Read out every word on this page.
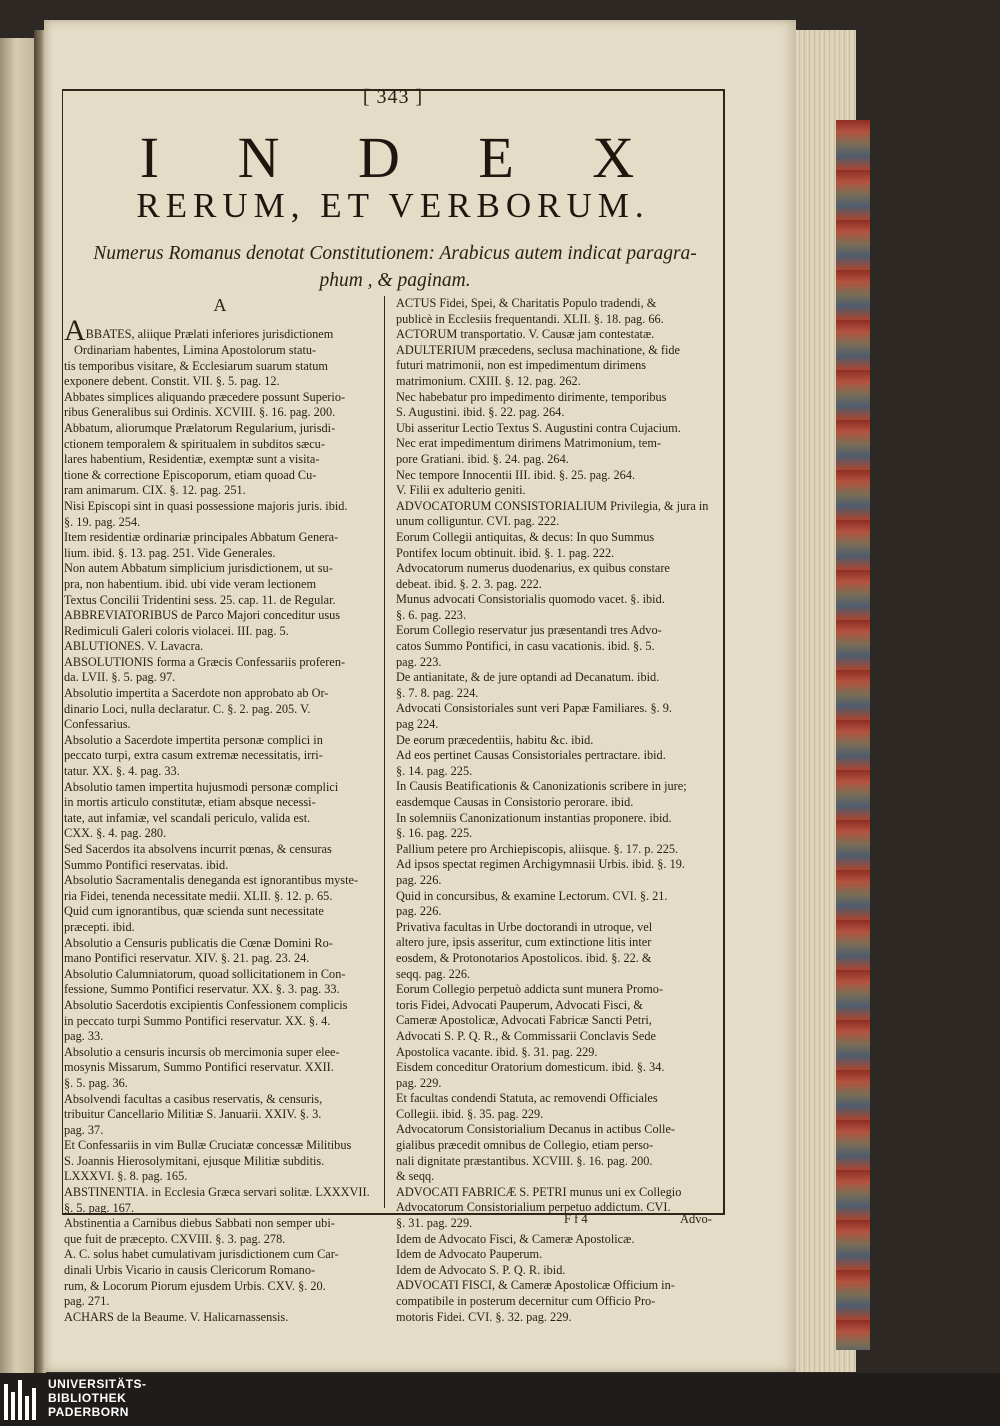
[ 343 ]
I N D E X
RERUM, ET VERBORUM.
Numerus Romanus denotat Constitutionem: Arabicus autem indicat paragra-
phum , & paginam.
A
ABBATES, aliique Prælati inferiores jurisdictionem
Ordinariam habentes, Limina Apostolorum statu-
tis temporibus visitare, & Ecclesiarum suarum statum
exponere debent. Constit. VII. §. 5. pag. 12.
Abbates simplices aliquando præcedere possunt Superio-
ribus Generalibus sui Ordinis. XCVIII. §. 16. pag. 200.
Abbatum, aliorumque Prælatorum Regularium, jurisdi-
ctionem temporalem & spiritualem in subditos sæcu-
lares habentium, Residentiæ, exemptæ sunt a visita-
tione & correctione Episcoporum, etiam quoad Cu-
ram animarum. CIX. §. 12. pag. 251.
Nisi Episcopi sint in quasi possessione majoris juris. ibid.
§. 19. pag. 254.
Item residentiæ ordinariæ principales Abbatum Genera-
lium. ibid. §. 13. pag. 251. Vide Generales.
Non autem Abbatum simplicium jurisdictionem, ut su-
pra, non habentium. ibid. ubi vide veram lectionem
Textus Concilii Tridentini sess. 25. cap. 11. de Regular.
ABBREVIATORIBUS de Parco Majori conceditur usus
Redimiculi Galeri coloris violacei. III. pag. 5.
ABLUTIONES. V. Lavacra.
ABSOLUTIONIS forma a Græcis Confessariis proferen-
da. LVII. §. 5. pag. 97.
Absolutio impertita a Sacerdote non approbato ab Or-
dinario Loci, nulla declaratur. C. §. 2. pag. 205. V.
Confessarius.
Absolutio a Sacerdote impertita personæ complici in
peccato turpi, extra casum extremæ necessitatis, irri-
tatur. XX. §. 4. pag. 33.
Absolutio tamen impertita hujusmodi personæ complici
in mortis articulo constitutæ, etiam absque necessi-
tate, aut infamiæ, vel scandali periculo, valida est.
CXX. §. 4. pag. 280.
Sed Sacerdos ita absolvens incurrit pœnas, & censuras
Summo Pontifici reservatas. ibid.
Absolutio Sacramentalis deneganda est ignorantibus myste-
ria Fidei, tenenda necessitate medii. XLII. §. 12. p. 65.
Quid cum ignorantibus, quæ scienda sunt necessitate
præcepti. ibid.
Absolutio a Censuris publicatis die Cœnæ Domini Ro-
mano Pontifici reservatur. XIV. §. 21. pag. 23. 24.
Absolutio Calumniatorum, quoad sollicitationem in Con-
fessione, Summo Pontifici reservatur. XX. §. 3. pag. 33.
Absolutio Sacerdotis excipientis Confessionem complicis
in peccato turpi Summo Pontifici reservatur. XX. §. 4.
pag. 33.
Absolutio a censuris incursis ob mercimonia super elee-
mosynis Missarum, Summo Pontifici reservatur. XXII.
§. 5. pag. 36.
Absolvendi facultas a casibus reservatis, & censuris,
tribuitur Cancellario Militiæ S. Januarii. XXIV. §. 3.
pag. 37.
Et Confessariis in vim Bullæ Cruciatæ concessæ Militibus
S. Joannis Hierosolymitani, ejusque Militiæ subditis.
LXXXVI. §. 8. pag. 165.
ABSTINENTIA. in Ecclesia Græca servari solitæ. LXXXVII.
§. 5. pag. 167.
Abstinentia a Carnibus diebus Sabbati non semper ubi-
que fuit de præcepto. CXVIII. §. 3. pag. 278.
A. C. solus habet cumulativam jurisdictionem cum Car-
dinali Urbis Vicario in causis Clericorum Romano-
rum, & Locorum Piorum ejusdem Urbis. CXV. §. 20.
pag. 271.
ACHARS de la Beaume. V. Halicarnassensis.
ACTUS Fidei, Spei, & Charitatis Populo tradendi, &
publicè in Ecclesiis frequentandi. XLII. §. 18. pag. 66.
ACTORUM transportatio. V. Causæ jam contestatæ.
ADULTERIUM præcedens, seclusa machinatione, & fide
futuri matrimonii, non est impedimentum dirimens
matrimonium. CXIII. §. 12. pag. 262.
Nec habebatur pro impedimento dirimente, temporibus
S. Augustini. ibid. §. 22. pag. 264.
Ubi asseritur Lectio Textus S. Augustini contra Cujacium.
Nec erat impedimentum dirimens Matrimonium, tem-
pore Gratiani. ibid. §. 24. pag. 264.
Nec tempore Innocentii III. ibid. §. 25. pag. 264.
V. Filii ex adulterio geniti.
ADVOCATORUM CONSISTORIALIUM Privilegia, & jura in
unum colliguntur. CVI. pag. 222.
Eorum Collegii antiquitas, & decus: In quo Summus
Pontifex locum obtinuit. ibid. §. 1. pag. 222.
Advocatorum numerus duodenarius, ex quibus constare
debeat. ibid. §. 2. 3. pag. 222.
Munus advocati Consistorialis quomodo vacet. §. ibid.
§. 6. pag. 223.
Eorum Collegio reservatur jus præsentandi tres Advo-
catos Summo Pontifici, in casu vacationis. ibid. §. 5.
pag. 223.
De antianitate, & de jure optandi ad Decanatum. ibid.
§. 7. 8. pag. 224.
Advocati Consistoriales sunt veri Papæ Familiares. §. 9.
pag 224.
De eorum præcedentiis, habitu &c. ibid.
Ad eos pertinet Causas Consistoriales pertractare. ibid.
§. 14. pag. 225.
In Causis Beatificationis & Canonizationis scribere in jure;
easdemque Causas in Consistorio perorare. ibid.
In solemniis Canonizationum instantias proponere. ibid.
§. 16. pag. 225.
Pallium petere pro Archiepiscopis, aliisque. §. 17. p. 225.
Ad ipsos spectat regimen Archigymnasii Urbis. ibid. §. 19.
pag. 226.
Quid in concursibus, & examine Lectorum. CVI. §. 21.
pag. 226.
Privativa facultas in Urbe doctorandi in utroque, vel
altero jure, ipsis asseritur, cum extinctione litis inter
eosdem, & Protonotarios Apostolicos. ibid. §. 22. &
seqq. pag. 226.
Eorum Collegio perpetuò addicta sunt munera Promo-
toris Fidei, Advocati Pauperum, Advocati Fisci, &
Cameræ Apostolicæ, Advocati Fabricæ Sancti Petri,
Advocati S. P. Q. R., & Commissarii Conclavis Sede
Apostolica vacante. ibid. §. 31. pag. 229.
Eisdem conceditur Oratorium domesticum. ibid. §. 34.
pag. 229.
Et facultas condendi Statuta, ac removendi Officiales
Collegii. ibid. §. 35. pag. 229.
Advocatorum Consistorialium Decanus in actibus Colle-
gialibus præcedit omnibus de Collegio, etiam perso-
nali dignitate præstantibus. XCVIII. §. 16. pag. 200.
& seqq.
ADVOCATI FABRICÆ S. PETRI munus uni ex Collegio
Advocatorum Consistorialium perpetuo addictum. CVI.
§. 31. pag. 229.
Idem de Advocato Fisci, & Cameræ Apostolicæ.
Idem de Advocato Pauperum.
Idem de Advocato S. P. Q. R. ibid.
ADVOCATI FISCI, & Cameræ Apostolicæ Officium in-
compatibile in posterum decernitur cum Officio Pro-
motoris Fidei. CVI. §. 32. pag. 229.
F f 4	Advo-
UNIVERSITÄTS-
BIBLIOTHEK
PADERBORN
